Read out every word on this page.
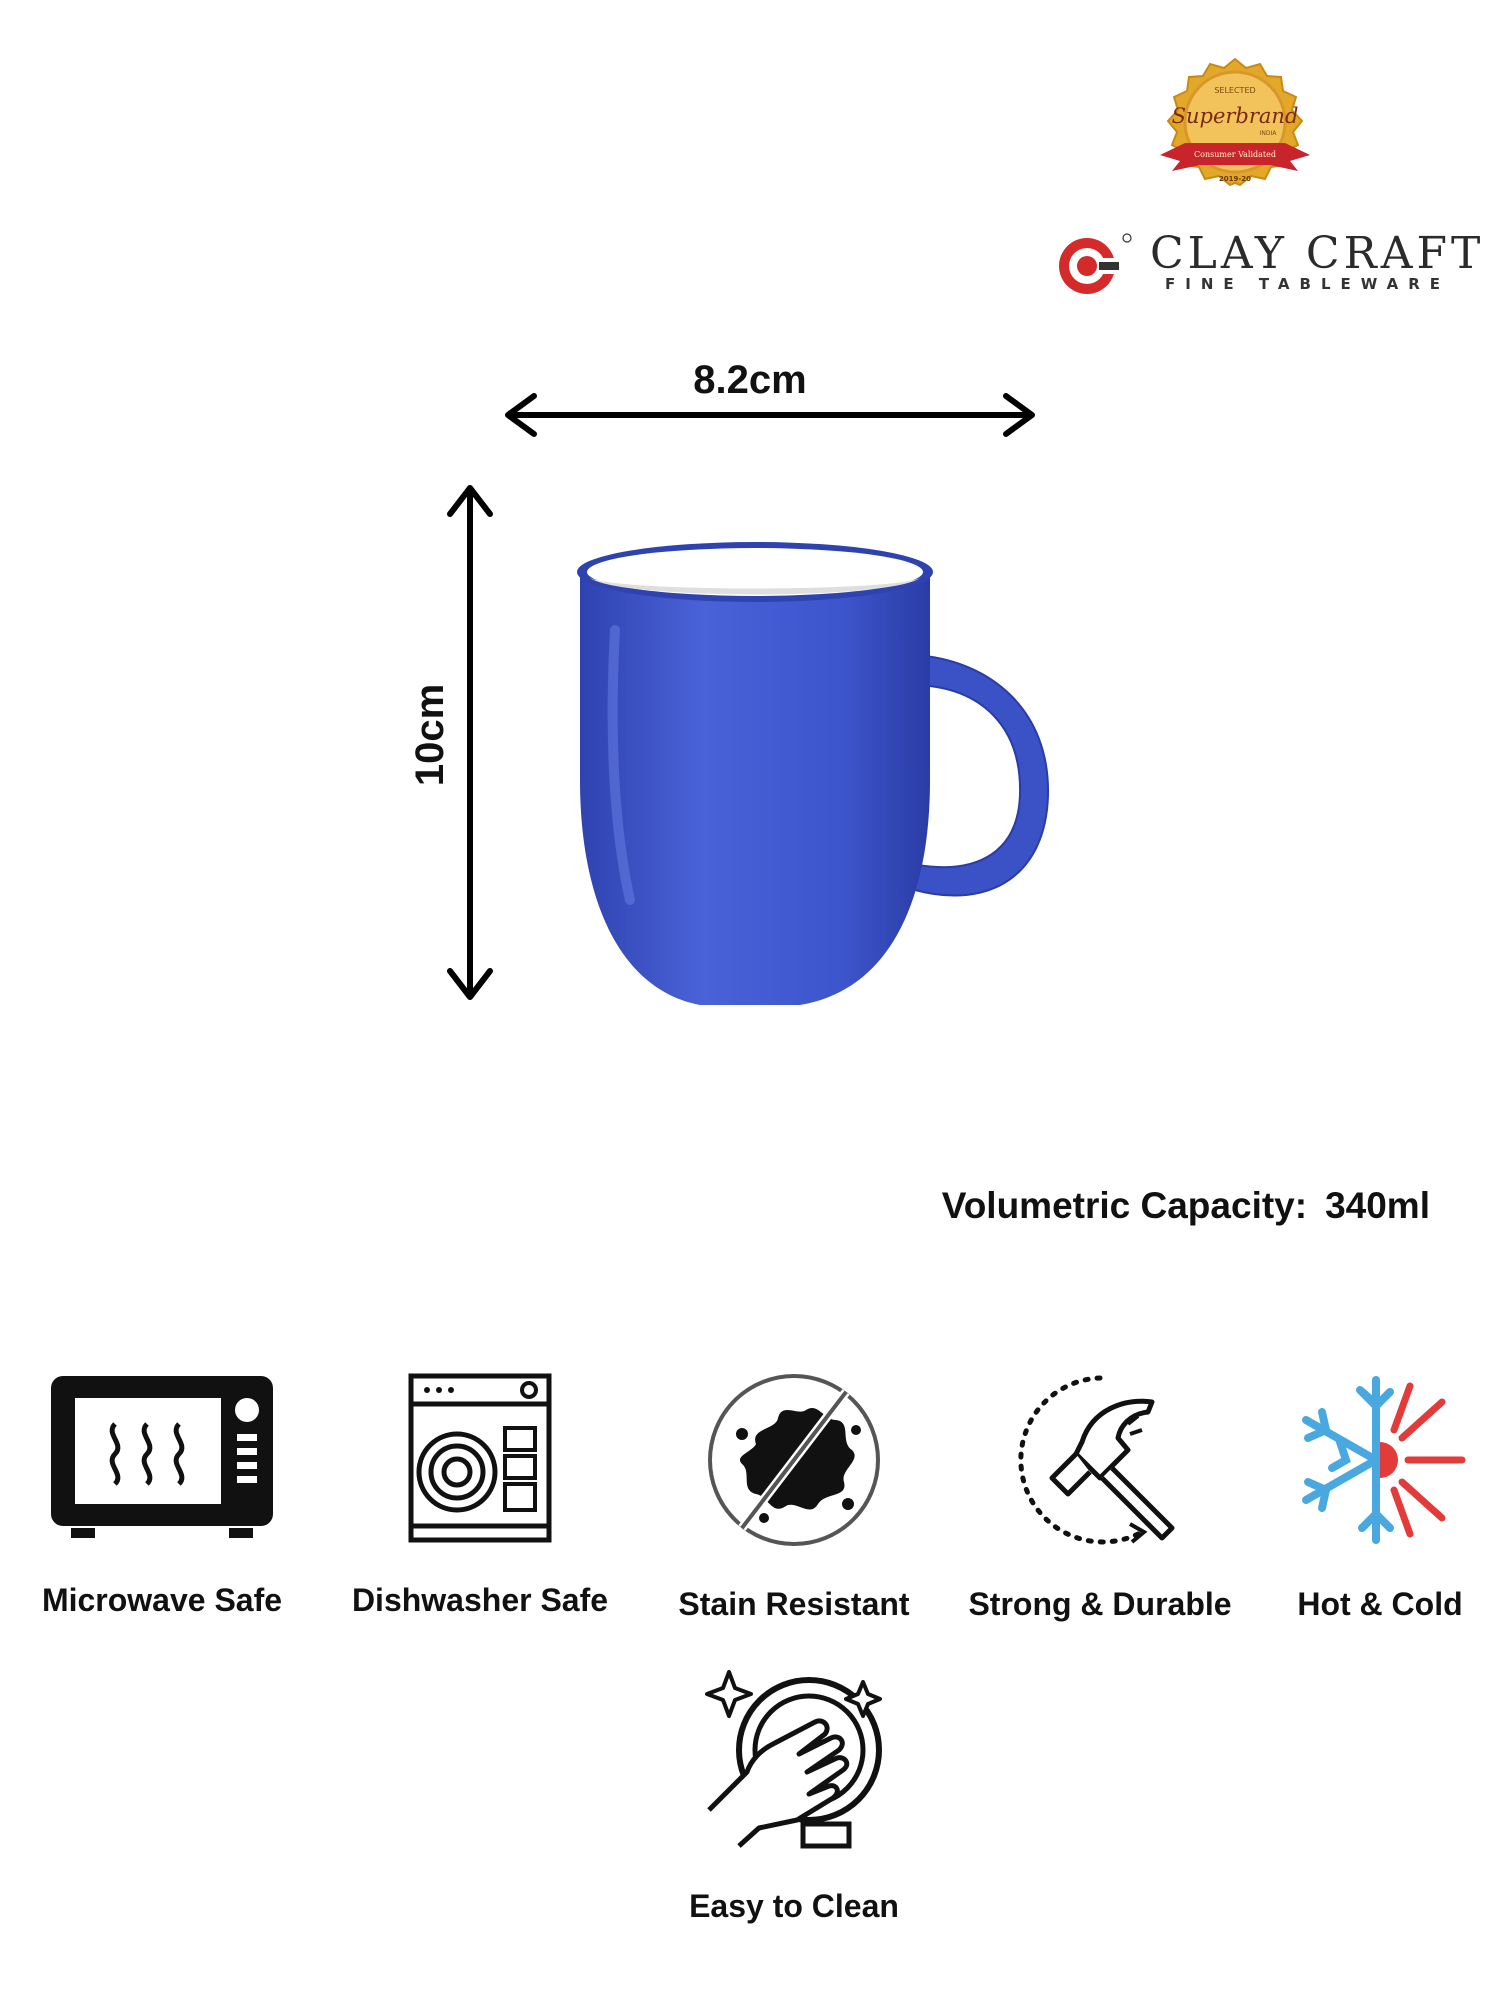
SELECTED
Superbrand
INDIA
Consumer Validated
2019-20
CLAY CRAFT
FINE TABLEWARE
8.2cm
10cm
Volumetric Capacity: 340ml
Microwave Safe	Dishwasher Safe	Stain Resistant	Strong & Durable	Hot & Cold
Easy to Clean
